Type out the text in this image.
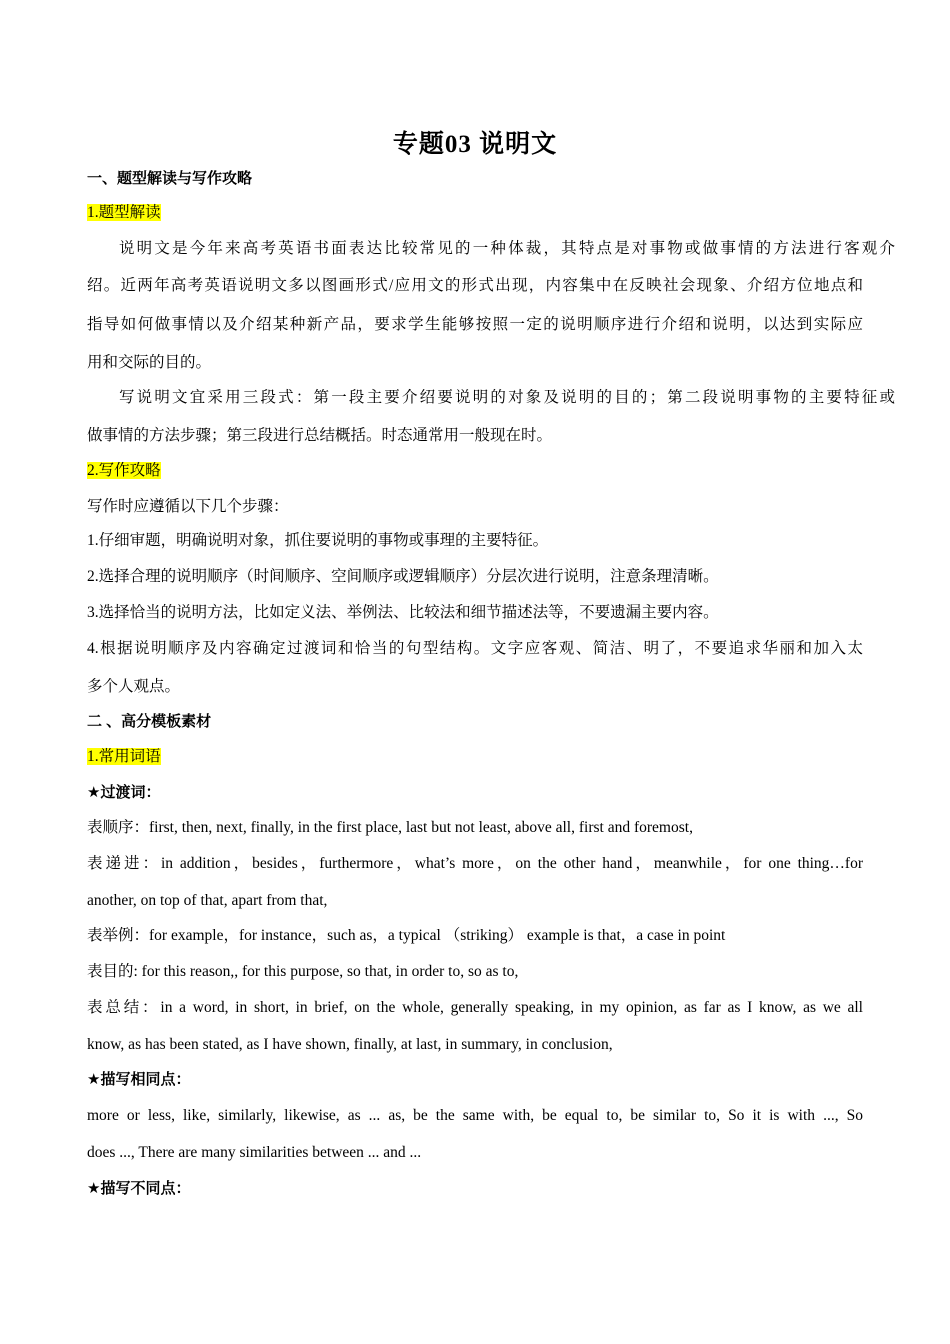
专题03 说明文
一、题型解读与写作攻略
1.题型解读
说明文是今年来高考英语书面表达比较常见的一种体裁，其特点是对事物或做事情的方法进行客观介
绍。近两年高考英语说明文多以图画形式/应用文的形式出现，内容集中在反映社会现象、介绍方位地点和
指导如何做事情以及介绍某种新产品，要求学生能够按照一定的说明顺序进行介绍和说明，以达到实际应
用和交际的目的。
写说明文宜采用三段式：第一段主要介绍要说明的对象及说明的目的；第二段说明事物的主要特征或
做事情的方法步骤；第三段进行总结概括。时态通常用一般现在时。
2.写作攻略
写作时应遵循以下几个步骤：
1.仔细审题，明确说明对象，抓住要说明的事物或事理的主要特征。
2.选择合理的说明顺序（时间顺序、空间顺序或逻辑顺序）分层次进行说明，注意条理清晰。
3.选择恰当的说明方法，比如定义法、举例法、比较法和细节描述法等，不要遗漏主要内容。
4.根据说明顺序及内容确定过渡词和恰当的句型结构。文字应客观、简洁、明了，不要追求华丽和加入太
多个人观点。
二 、高分模板素材
1.常用词语
★过渡词：
表顺序：first, then, next, finally, in the first place, last but not least, above all, first and foremost,
表递进：in addition，besides，furthermore，what’s more，on the other hand，meanwhile，for one thing…for
another, on top of that, apart from that,
表举例：for example，for instance，such as，a typical （striking） example is that，a case in point
表目的: for this reason,, for this purpose, so that, in order to, so as to,
表总结：in a word, in short, in brief, on the whole, generally speaking, in my opinion, as far as I know, as we all
know, as has been stated, as I have shown, finally, at last, in summary, in conclusion,
★描写相同点：
more or less, like, similarly, likewise, as ... as, be the same with, be equal to, be similar to, So it is with ..., So
does ..., There are many similarities between ... and ...
★描写不同点：
